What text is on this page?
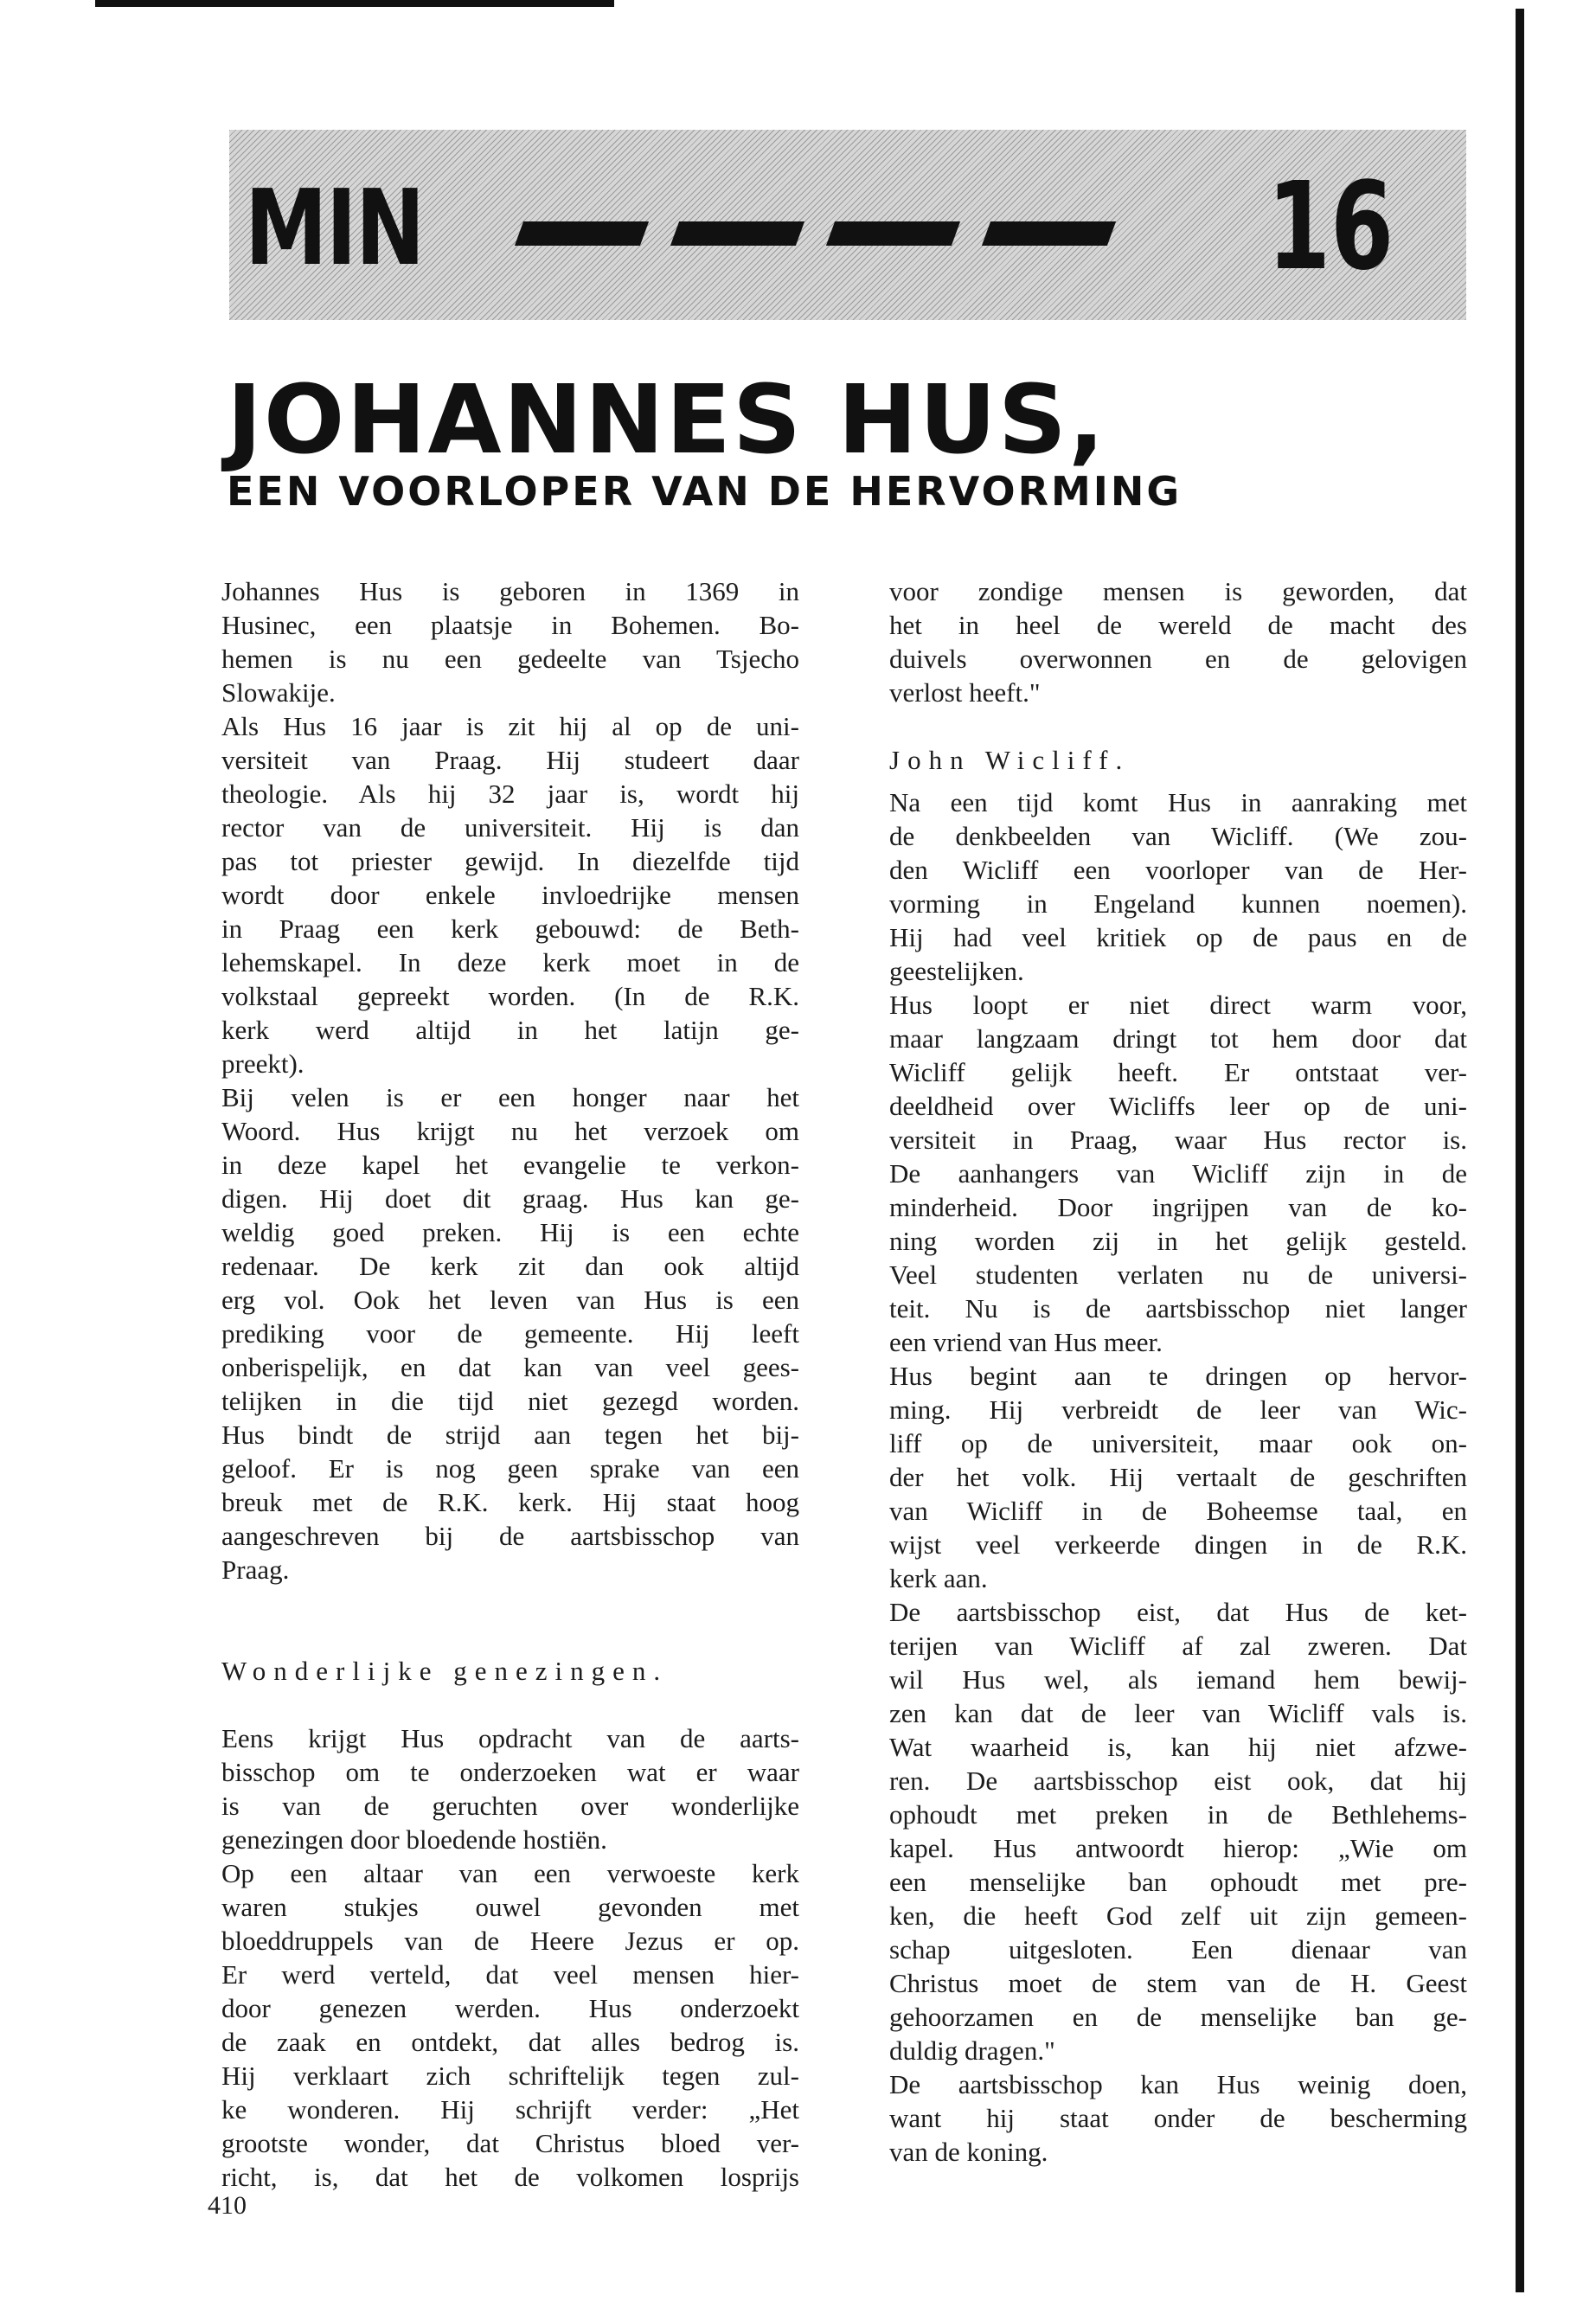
MIN	16
JOHANNES HUS,
EEN VOORLOPER VAN DE HERVORMING
Johannes Hus is geboren in 1369 in
Husinec, een plaatsje in Bohemen. Bo-
hemen is nu een gedeelte van Tsjecho
Slowakije.
Als Hus 16 jaar is zit hij al op de uni-
versiteit van Praag. Hij studeert daar
theologie. Als hij 32 jaar is, wordt hij
rector van de universiteit. Hij is dan
pas tot priester gewijd. In diezelfde tijd
wordt door enkele invloedrijke mensen
in Praag een kerk gebouwd: de Beth-
lehemskapel. In deze kerk moet in de
volkstaal gepreekt worden. (In de R.K.
kerk werd altijd in het latijn ge-
preekt).
Bij velen is er een honger naar het
Woord. Hus krijgt nu het verzoek om
in deze kapel het evangelie te verkon-
digen. Hij doet dit graag. Hus kan ge-
weldig goed preken. Hij is een echte
redenaar. De kerk zit dan ook altijd
erg vol. Ook het leven van Hus is een
prediking voor de gemeente. Hij leeft
onberispelijk, en dat kan van veel gees-
telijken in die tijd niet gezegd worden.
Hus bindt de strijd aan tegen het bij-
geloof. Er is nog geen sprake van een
breuk met de R.K. kerk. Hij staat hoog
aangeschreven bij de aartsbisschop van
Praag.
Wonderlijke genezingen.
Eens krijgt Hus opdracht van de aarts-
bisschop om te onderzoeken wat er waar
is van de geruchten over wonderlijke
genezingen door bloedende hostiën.
Op een altaar van een verwoeste kerk
waren stukjes ouwel gevonden met
bloeddruppels van de Heere Jezus er op.
Er werd verteld, dat veel mensen hier-
door genezen werden. Hus onderzoekt
de zaak en ontdekt, dat alles bedrog is.
Hij verklaart zich schriftelijk tegen zul-
ke wonderen. Hij schrijft verder: „Het
grootste wonder, dat Christus bloed ver-
richt, is, dat het de volkomen losprijs
voor zondige mensen is geworden, dat
het in heel de wereld de macht des
duivels overwonnen en de gelovigen
verlost heeft."
John Wicliff.
Na een tijd komt Hus in aanraking met
de denkbeelden van Wicliff. (We zou-
den Wicliff een voorloper van de Her-
vorming in Engeland kunnen noemen).
Hij had veel kritiek op de paus en de
geestelijken.
Hus loopt er niet direct warm voor,
maar langzaam dringt tot hem door dat
Wicliff gelijk heeft. Er ontstaat ver-
deeldheid over Wicliffs leer op de uni-
versiteit in Praag, waar Hus rector is.
De aanhangers van Wicliff zijn in de
minderheid. Door ingrijpen van de ko-
ning worden zij in het gelijk gesteld.
Veel studenten verlaten nu de universi-
teit. Nu is de aartsbisschop niet langer
een vriend van Hus meer.
Hus begint aan te dringen op hervor-
ming. Hij verbreidt de leer van Wic-
liff op de universiteit, maar ook on-
der het volk. Hij vertaalt de geschriften
van Wicliff in de Boheemse taal, en
wijst veel verkeerde dingen in de R.K.
kerk aan.
De aartsbisschop eist, dat Hus de ket-
terijen van Wicliff af zal zweren. Dat
wil Hus wel, als iemand hem bewij-
zen kan dat de leer van Wicliff vals is.
Wat waarheid is, kan hij niet afzwe-
ren. De aartsbisschop eist ook, dat hij
ophoudt met preken in de Bethlehems-
kapel. Hus antwoordt hierop: „Wie om
een menselijke ban ophoudt met pre-
ken, die heeft God zelf uit zijn gemeen-
schap uitgesloten. Een dienaar van
Christus moet de stem van de H. Geest
gehoorzamen en de menselijke ban ge-
duldig dragen."
De aartsbisschop kan Hus weinig doen,
want hij staat onder de bescherming
van de koning.
410
